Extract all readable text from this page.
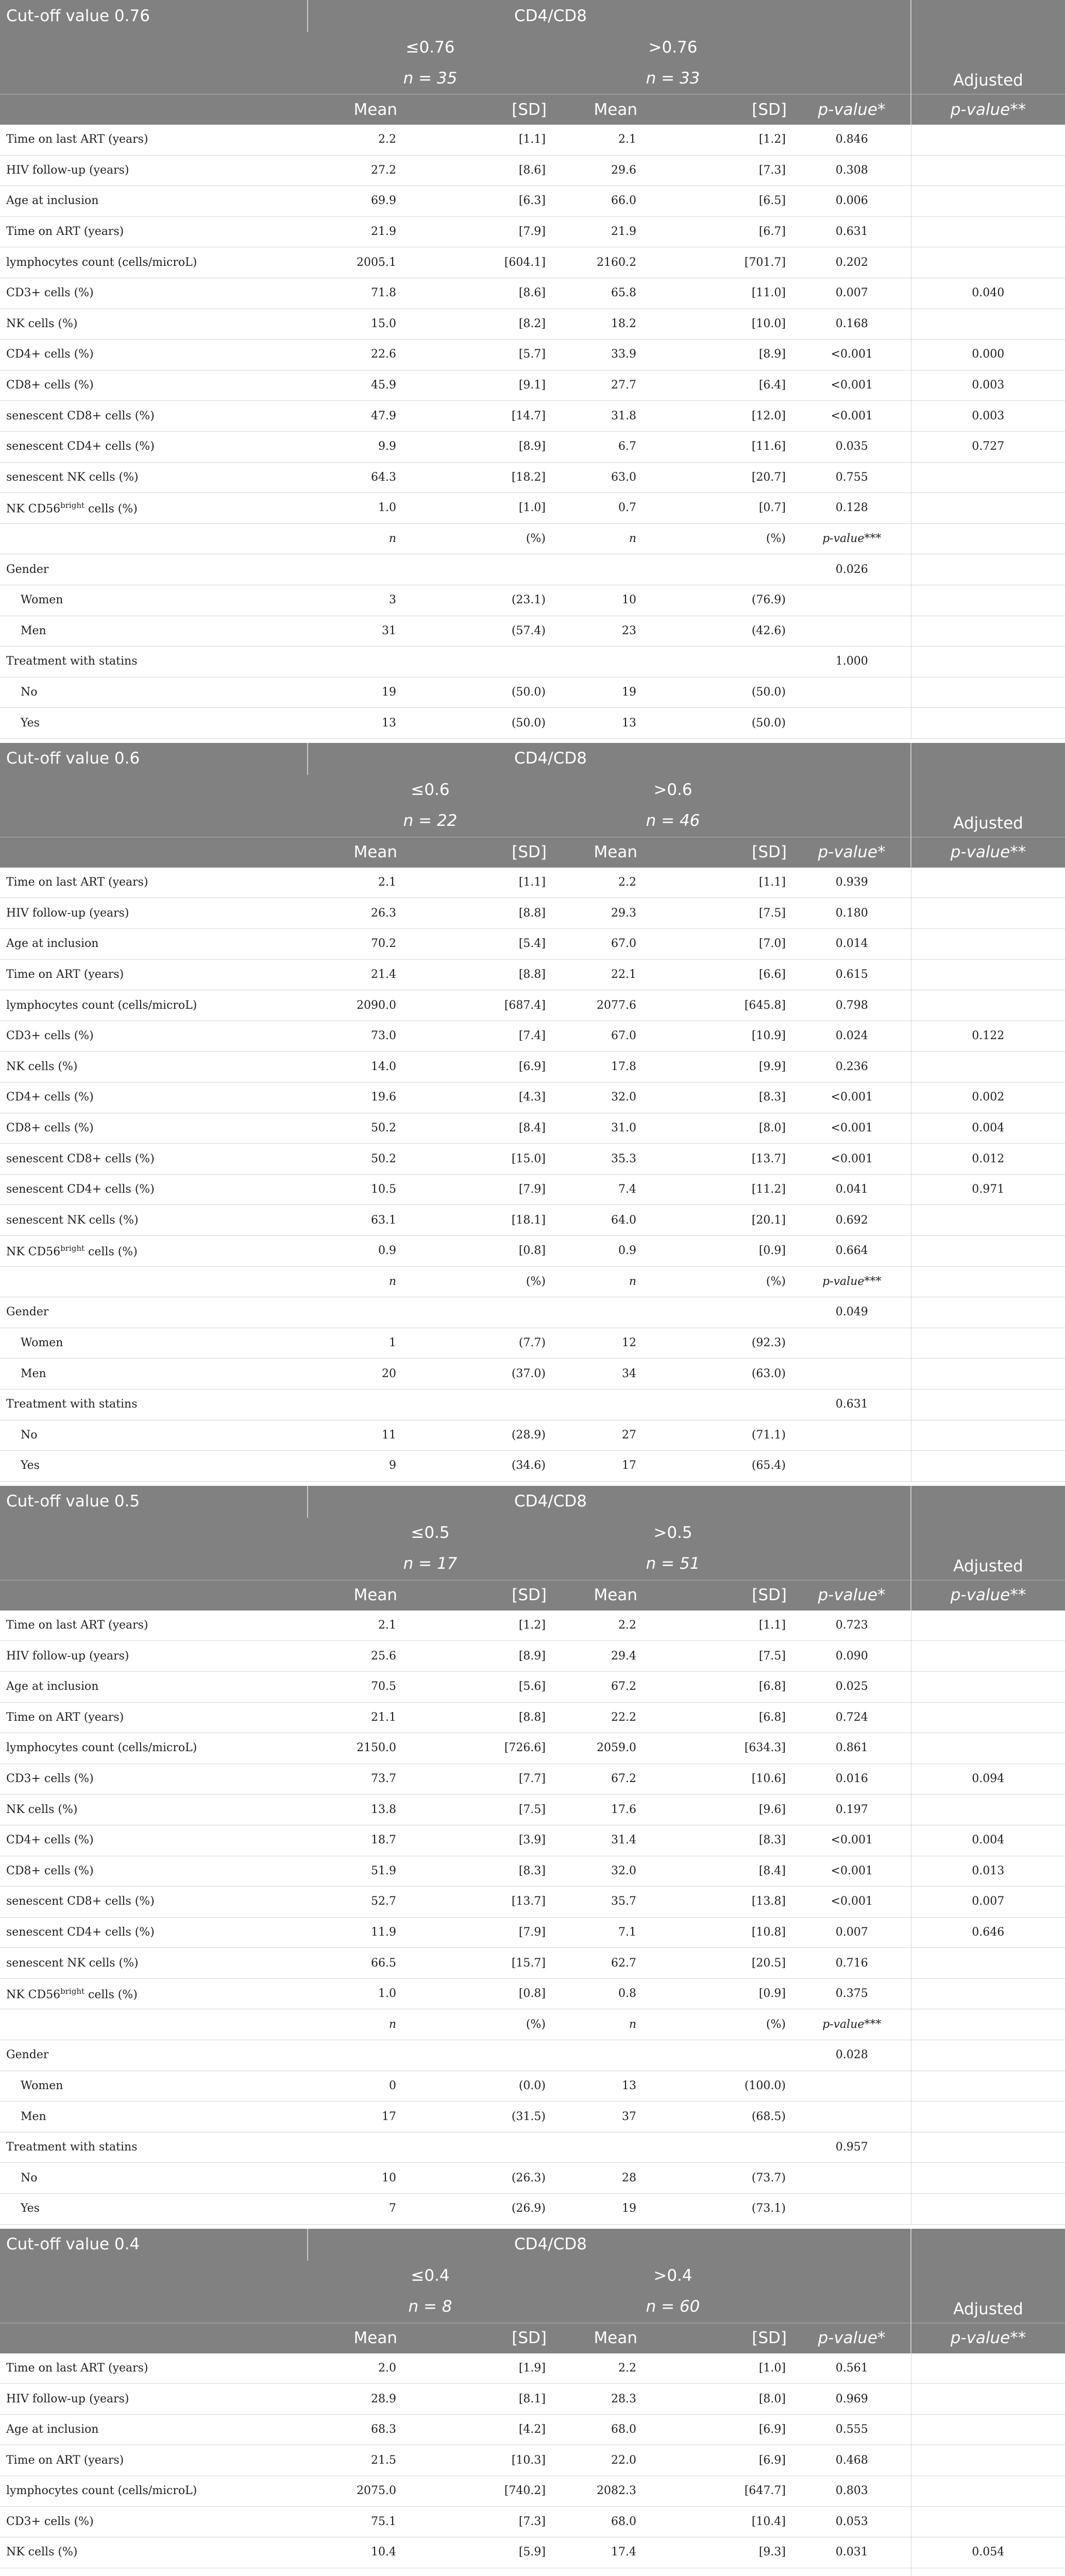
Cut-off value 0.76	CD4/CD8					
	≤0.76		>0.76			Adjusted
	n = 35		n = 33			
	Mean	[SD]	Mean	[SD]	p-value*	p-value**
Time on last ART (years)	2.2	[1.1]	2.1	[1.2]	0.846	
HIV follow-up (years)	27.2	[8.6]	29.6	[7.3]	0.308	
Age at inclusion	69.9	[6.3]	66.0	[6.5]	0.006	
Time on ART (years)	21.9	[7.9]	21.9	[6.7]	0.631	
lymphocytes count (cells/microL)	2005.1	[604.1]	2160.2	[701.7]	0.202	
CD3+ cells (%)	71.8	[8.6]	65.8	[11.0]	0.007	0.040
NK cells (%)	15.0	[8.2]	18.2	[10.0]	0.168	
CD4+ cells (%)	22.6	[5.7]	33.9	[8.9]	<0.001	0.000
CD8+ cells (%)	45.9	[9.1]	27.7	[6.4]	<0.001	0.003
senescent CD8+ cells (%)	47.9	[14.7]	31.8	[12.0]	<0.001	0.003
senescent CD4+ cells (%)	9.9	[8.9]	6.7	[11.6]	0.035	0.727
senescent NK cells (%)	64.3	[18.2]	63.0	[20.7]	0.755	
NK $CD56^{bright}$ cells (%)	1.0	[1.0]	0.7	[0.7]	0.128	
	n	(%)	n	(%)	p-value***	
Gender					0.026	
Women	3	(23.1)	10	(76.9)		
Men	31	(57.4)	23	(42.6)		
Treatment with statins					1.000	
No	19	(50.0)	19	(50.0)		
Yes	13	(50.0)	13	(50.0)		
Cut-off value 0.6	CD4/CD8					
	≤0.6		>0.6			Adjusted
	n = 22		n = 46			
	Mean	[SD]	Mean	[SD]	p-value*	p-value**
Time on last ART (years)	2.1	[1.1]	2.2	[1.1]	0.939	
HIV follow-up (years)	26.3	[8.8]	29.3	[7.5]	0.180	
Age at inclusion	70.2	[5.4]	67.0	[7.0]	0.014	
Time on ART (years)	21.4	[8.8]	22.1	[6.6]	0.615	
lymphocytes count (cells/microL)	2090.0	[687.4]	2077.6	[645.8]	0.798	
CD3+ cells (%)	73.0	[7.4]	67.0	[10.9]	0.024	0.122
NK cells (%)	14.0	[6.9]	17.8	[9.9]	0.236	
CD4+ cells (%)	19.6	[4.3]	32.0	[8.3]	<0.001	0.002
CD8+ cells (%)	50.2	[8.4]	31.0	[8.0]	<0.001	0.004
senescent CD8+ cells (%)	50.2	[15.0]	35.3	[13.7]	<0.001	0.012
senescent CD4+ cells (%)	10.5	[7.9]	7.4	[11.2]	0.041	0.971
senescent NK cells (%)	63.1	[18.1]	64.0	[20.1]	0.692	
NK $CD56^{bright}$ cells (%)	0.9	[0.8]	0.9	[0.9]	0.664	
	n	(%)	n	(%)	p-value***	
Gender					0.049	
Women	1	(7.7)	12	(92.3)		
Men	20	(37.0)	34	(63.0)		
Treatment with statins					0.631	
No	11	(28.9)	27	(71.1)		
Yes	9	(34.6)	17	(65.4)		
Cut-off value 0.5	CD4/CD8					
	≤0.5		>0.5			Adjusted
	n = 17		n = 51			
	Mean	[SD]	Mean	[SD]	p-value*	p-value**
Time on last ART (years)	2.1	[1.2]	2.2	[1.1]	0.723	
HIV follow-up (years)	25.6	[8.9]	29.4	[7.5]	0.090	
Age at inclusion	70.5	[5.6]	67.2	[6.8]	0.025	
Time on ART (years)	21.1	[8.8]	22.2	[6.8]	0.724	
lymphocytes count (cells/microL)	2150.0	[726.6]	2059.0	[634.3]	0.861	
CD3+ cells (%)	73.7	[7.7]	67.2	[10.6]	0.016	0.094
NK cells (%)	13.8	[7.5]	17.6	[9.6]	0.197	
CD4+ cells (%)	18.7	[3.9]	31.4	[8.3]	<0.001	0.004
CD8+ cells (%)	51.9	[8.3]	32.0	[8.4]	<0.001	0.013
senescent CD8+ cells (%)	52.7	[13.7]	35.7	[13.8]	<0.001	0.007
senescent CD4+ cells (%)	11.9	[7.9]	7.1	[10.8]	0.007	0.646
senescent NK cells (%)	66.5	[15.7]	62.7	[20.5]	0.716	
NK $CD56^{bright}$ cells (%)	1.0	[0.8]	0.8	[0.9]	0.375	
	n	(%)	n	(%)	p-value***	
Gender					0.028	
Women	0	(0.0)	13	(100.0)		
Men	17	(31.5)	37	(68.5)		
Treatment with statins					0.957	
No	10	(26.3)	28	(73.7)		
Yes	7	(26.9)	19	(73.1)		
Cut-off value 0.4	CD4/CD8					
	≤0.4		>0.4			Adjusted
	n = 8		n = 60			
	Mean	[SD]	Mean	[SD]	p-value*	p-value**
Time on last ART (years)	2.0	[1.9]	2.2	[1.0]	0.561	
HIV follow-up (years)	28.9	[8.1]	28.3	[8.0]	0.969	
Age at inclusion	68.3	[4.2]	68.0	[6.9]	0.555	
Time on ART (years)	21.5	[10.3]	22.0	[6.9]	0.468	
lymphocytes count (cells/microL)	2075.0	[740.2]	2082.3	[647.7]	0.803	
CD3+ cells (%)	75.1	[7.3]	68.0	[10.4]	0.053	
NK cells (%)	10.4	[5.9]	17.4	[9.3]	0.031	0.054
